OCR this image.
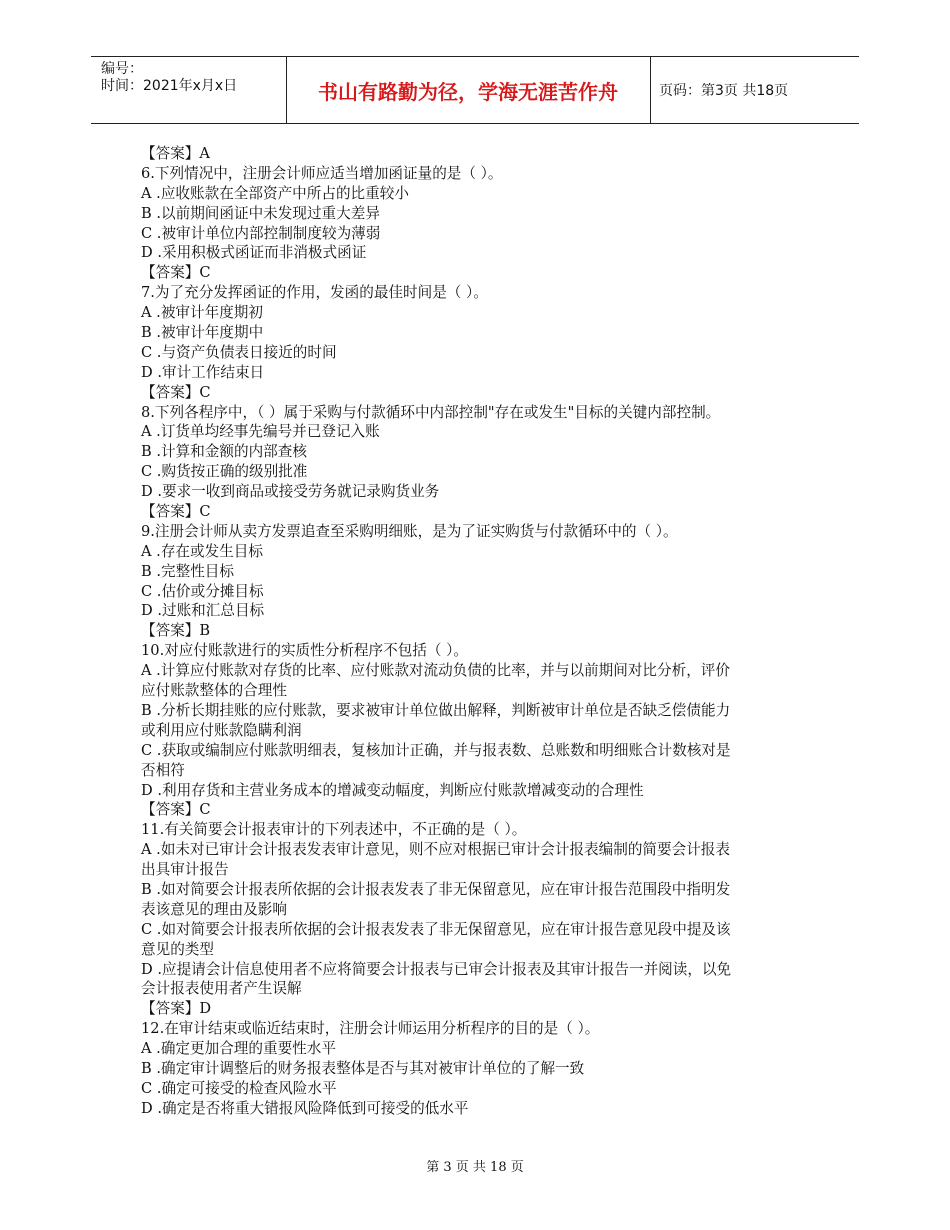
编号：
时间：2021年x月x日	书山有路勤为径，学海无涯苦作舟	页码：第3页 共18页
【答案】A
6.下列情况中，注册会计师应适当增加函证量的是（ ）。
A .应收账款在全部资产中所占的比重较小
B .以前期间函证中未发现过重大差异
C .被审计单位内部控制制度较为薄弱
D .采用积极式函证而非消极式函证
【答案】C
7.为了充分发挥函证的作用，发函的最佳时间是（ ）。
A .被审计年度期初
B .被审计年度期中
C .与资产负债表日接近的时间
D .审计工作结束日
【答案】C
8.下列各程序中，（ ）属于采购与付款循环中内部控制"存在或发生"目标的关键内部控制。
A .订货单均经事先编号并已登记入账
B .计算和金额的内部查核
C .购货按正确的级别批准
D .要求一收到商品或接受劳务就记录购货业务
【答案】C
9.注册会计师从卖方发票追查至采购明细账，是为了证实购货与付款循环中的（ ）。
A .存在或发生目标
B .完整性目标
C .估价或分摊目标
D .过账和汇总目标
【答案】B
10.对应付账款进行的实质性分析程序不包括（ ）。
A .计算应付账款对存货的比率、应付账款对流动负债的比率，并与以前期间对比分析，评价
应付账款整体的合理性
B .分析长期挂账的应付账款，要求被审计单位做出解释，判断被审计单位是否缺乏偿债能力
或利用应付账款隐瞒利润
C .获取或编制应付账款明细表，复核加计正确，并与报表数、总账数和明细账合计数核对是
否相符
D .利用存货和主营业务成本的增减变动幅度，判断应付账款增减变动的合理性
【答案】C
11.有关简要会计报表审计的下列表述中，不正确的是（ ）。
A .如未对已审计会计报表发表审计意见，则不应对根据已审计会计报表编制的简要会计报表
出具审计报告
B .如对简要会计报表所依据的会计报表发表了非无保留意见，应在审计报告范围段中指明发
表该意见的理由及影响
C .如对简要会计报表所依据的会计报表发表了非无保留意见，应在审计报告意见段中提及该
意见的类型
D .应提请会计信息使用者不应将简要会计报表与已审会计报表及其审计报告一并阅读，以免
会计报表使用者产生误解
【答案】D
12.在审计结束或临近结束时，注册会计师运用分析程序的目的是（ ）。
A .确定更加合理的重要性水平
B .确定审计调整后的财务报表整体是否与其对被审计单位的了解一致
C .确定可接受的检查风险水平
D .确定是否将重大错报风险降低到可接受的低水平
第 3 页 共 18 页
